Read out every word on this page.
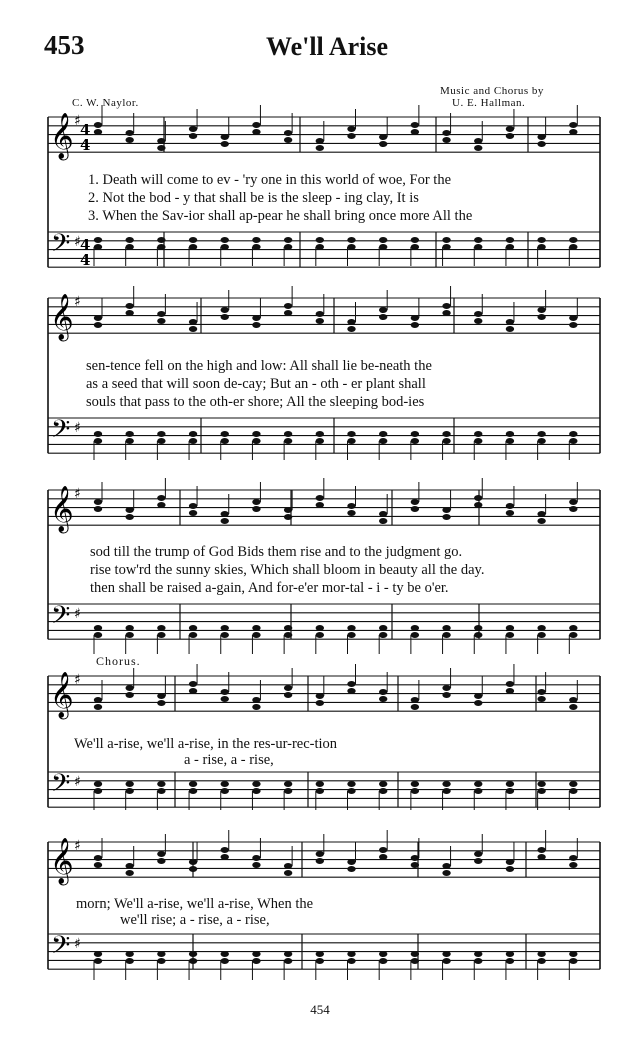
453	We'll Arise
C. W. Naylor.
Music and Chorus by
U. E. Hallman.
𝄞
𝄢
♯
♯
𝄞
𝄢
♯
♯
𝄞
𝄢
♯
♯
𝄞
𝄢
♯
♯
𝄞
𝄢
♯
♯
4
4
4
4
1. Death will come to ev - 'ry one in this world of woe, For the
2. Not the bod - y that shall be is the sleep - ing clay, It is
3. When the Sav-ior shall ap-pear he shall bring once more All the
sen-tence fell on the high and low: All shall lie be-neath the
as a seed that will soon de-cay; But an - oth - er plant shall
souls that pass to the oth-er shore; All the sleeping bod-ies
sod till the trump of God Bids them rise and to the judgment go.
rise tow'rd the sunny skies, Which shall bloom in beauty all the day.
then shall be raised a-gain, And for-e'er mor-tal - i - ty be o'er.
Chorus.
We'll a-rise, we'll a-rise, in the res-ur-rec-tion
a - rise, a - rise,
morn; We'll a-rise, we'll a-rise, When the
we'll rise; a - rise, a - rise,
454
